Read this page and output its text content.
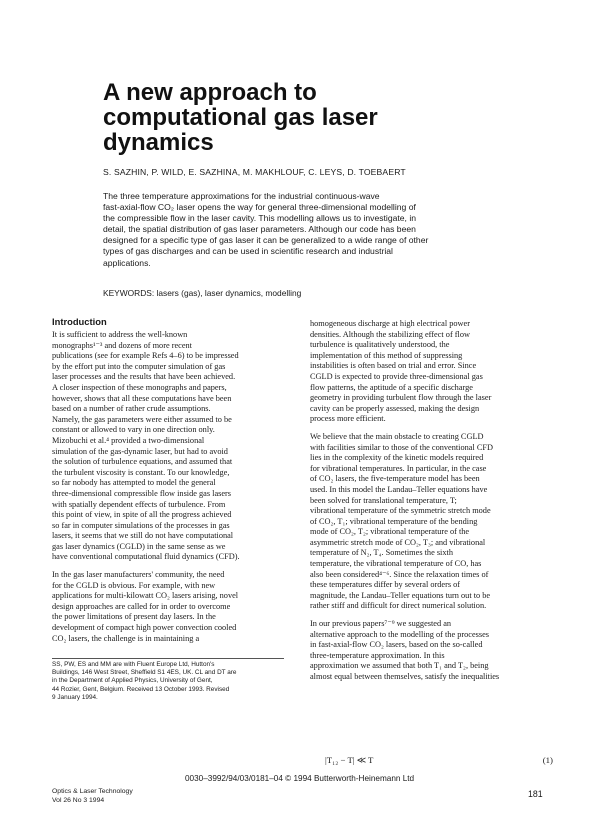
A new approach to
computational gas laser
dynamics

S. SAZHIN, P. WILD, E. SAZHINA, M. MAKHLOUF, C. LEYS, D. TOEBAERT

The three temperature approximations for the industrial continuous-wave
fast-axial-flow CO₂ laser opens the way for general three-dimensional modelling of
the compressible flow in the laser cavity. This modelling allows us to investigate, in
detail, the spatial distribution of gas laser parameters. Although our code has been
designed for a specific type of gas laser it can be generalized to a wide range of other
types of gas discharges and can be used in scientific research and industrial
applications.

KEYWORDS: lasers (gas), laser dynamics, modelling

Introduction
It is sufficient to address the well-known
monographs¹⁻³ and dozens of more recent
publications (see for example Refs 4–6) to be impressed
by the effort put into the computer simulation of gas
laser processes and the results that have been achieved.
A closer inspection of these monographs and papers,
however, shows that all these computations have been
based on a number of rather crude assumptions.
Namely, the gas parameters were either assumed to be
constant or allowed to vary in one direction only.
Mizobuchi et al.⁴ provided a two-dimensional
simulation of the gas-dynamic laser, but had to avoid
the solution of turbulence equations, and assumed that
the turbulent viscosity is constant. To our knowledge,
so far nobody has attempted to model the general
three-dimensional compressible flow inside gas lasers
with spatially dependent effects of turbulence. From
this point of view, in spite of all the progress achieved
so far in computer simulations of the processes in gas
lasers, it seems that we still do not have computational
gas laser dynamics (CGLD) in the same sense as we
have conventional computational fluid dynamics (CFD).
In the gas laser manufacturers' community, the need
for the CGLD is obvious. For example, with new
applications for multi-kilowatt CO₂ lasers arising, novel
design approaches are called for in order to overcome
the power limitations of present day lasers. In the
development of compact high power convection cooled
CO₂ lasers, the challenge is in maintaining a
homogeneous discharge at high electrical power
densities. Although the stabilizing effect of flow
turbulence is qualitatively understood, the
implementation of this method of suppressing
instabilities is often based on trial and error. Since
CGLD is expected to provide three-dimensional gas
flow patterns, the aptitude of a specific discharge
geometry in providing turbulent flow through the laser
cavity can be properly assessed, making the design
process more efficient.
We believe that the main obstacle to creating CGLD
with facilities similar to those of the conventional CFD
lies in the complexity of the kinetic models required
for vibrational temperatures. In particular, in the case
of CO₂ lasers, the five-temperature model has been
used. In this model the Landau–Teller equations have
been solved for translational temperature, T;
vibrational temperature of the symmetric stretch mode
of CO₂, T₁; vibrational temperature of the bending
mode of CO₂, T₂; vibrational temperature of the
asymmetric stretch mode of CO₂, T₃; and vibrational
temperature of N₂, T₄. Sometimes the sixth
temperature, the vibrational temperature of CO, has
also been considered⁴⁻⁶. Since the relaxation times of
these temperatures differ by several orders of
magnitude, the Landau–Teller equations turn out to be
rather stiff and difficult for direct numerical solution.
In our previous papers⁷⁻⁹ we suggested an
alternative approach to the modelling of the processes
in fast-axial-flow CO₂ lasers, based on the so-called
three-temperature approximation. In this
approximation we assumed that both T₁ and T₂, being
almost equal between themselves, satisfy the inequalities
SS, PW, ES and MM are with Fluent Europe Ltd, Hutton's
Buildings, 146 West Street, Sheffield S1 4ES, UK. CL and DT are
in the Department of Applied Physics, University of Gent,
44 Rozier, Gent, Belgium. Received 13 October 1993. Revised
9 January 1994.
|T₁₂ − T| ≪ T	(1)
0030–3992/94/03/0181–04 © 1994 Butterworth-Heinemann Ltd
Optics & Laser Technology
Vol 26 No 3 1994
181
